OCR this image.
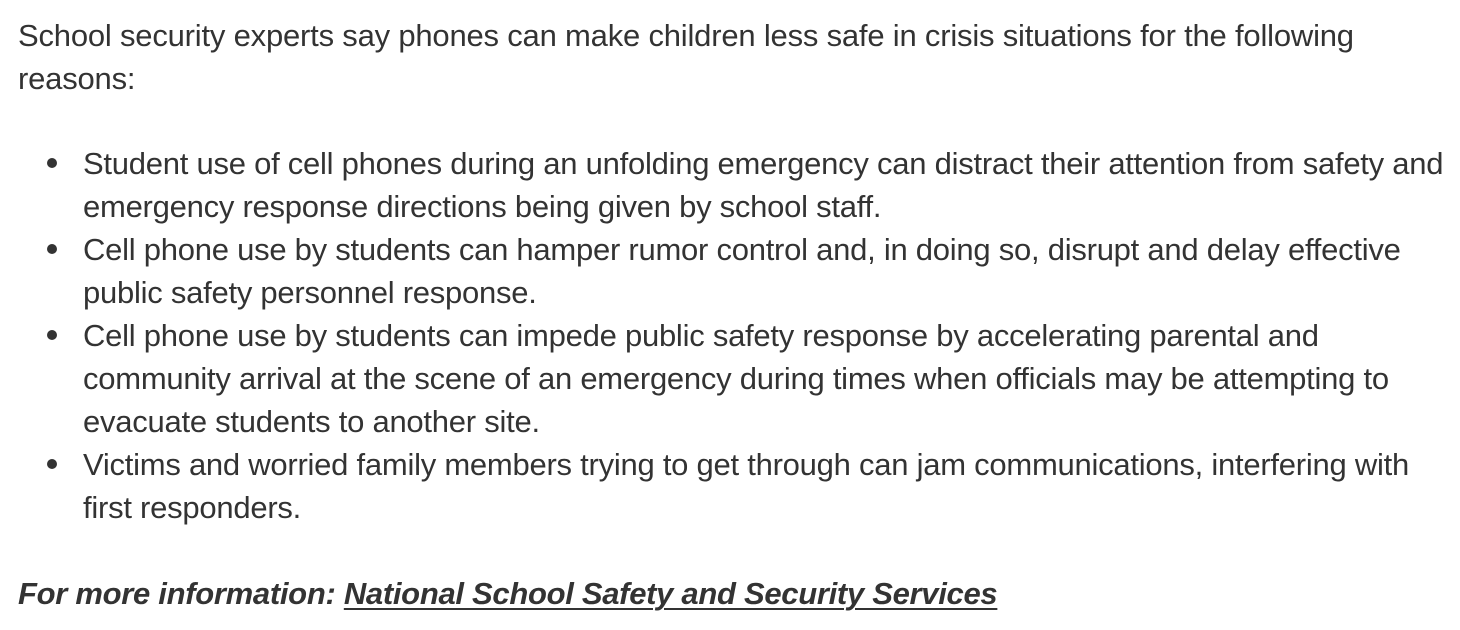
School security experts say phones can make children less safe in crisis situations for the following reasons:

Student use of cell phones during an unfolding emergency can distract their attention from safety and emergency response directions being given by school staff.
Cell phone use by students can hamper rumor control and, in doing so, disrupt and delay effective public safety personnel response.
Cell phone use by students can impede public safety response by accelerating parental and community arrival at the scene of an emergency during times when officials may be attempting to evacuate students to another site.
Victims and worried family members trying to get through can jam communications, interfering with first responders.

For more information: National School Safety and Security Services
